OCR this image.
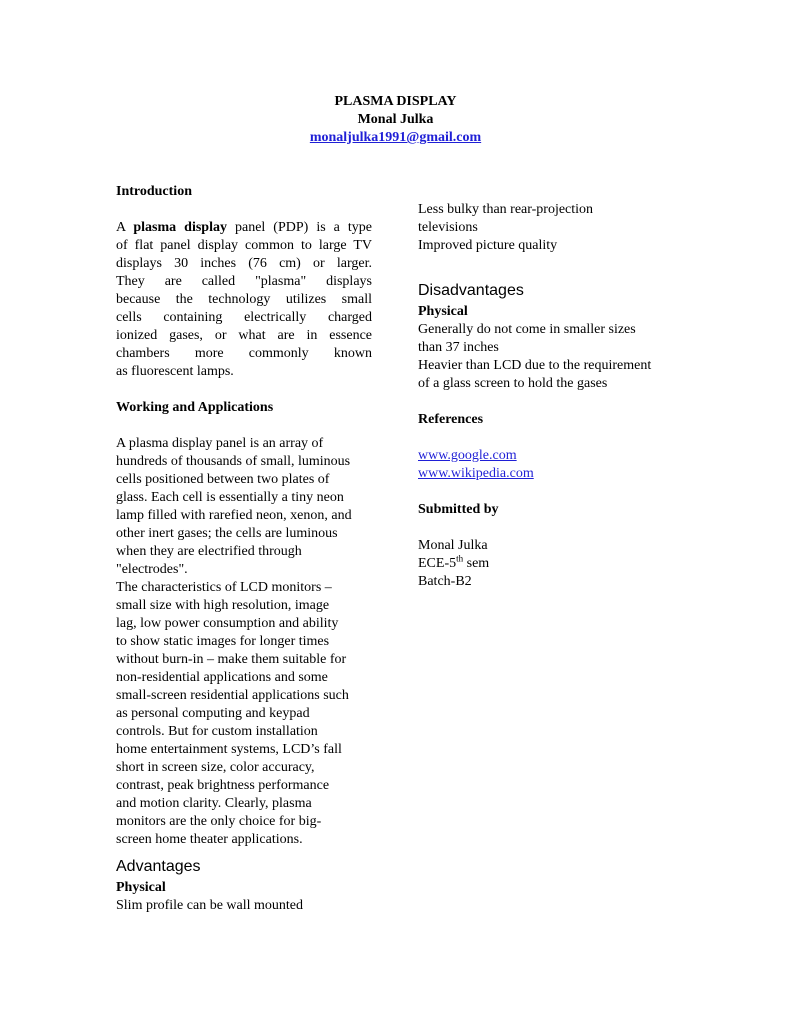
PLASMA DISPLAY
Monal Julka
monaljulka1991@gmail.com

Introduction

A plasma display panel (PDP) is a type

of flat panel display common to large TV

displays 30 inches (76 cm) or larger.

They are called "plasma" displays

because the technology utilizes small

cells containing electrically charged

ionized gases, or what are in essence

chambers more commonly known

as fluorescent lamps.

Working and Applications

A plasma display panel is an array of

hundreds of thousands of small, luminous

cells positioned between two plates of

glass. Each cell is essentially a tiny neon

lamp filled with rarefied neon, xenon, and

other inert gases; the cells are luminous

when they are electrified through

"electrodes".

The characteristics of LCD monitors –

small size with high resolution, image

lag, low power consumption and ability

to show static images for longer times

without burn-in – make them suitable for

non-residential applications and some

small-screen residential applications such

as personal computing and keypad

controls. But for custom installation

home entertainment systems, LCD’s fall

short in screen size, color accuracy,

contrast, peak brightness performance

and motion clarity. Clearly, plasma

monitors are the only choice for big-

screen home theater applications.

Advantages

Physical

Slim profile can be wall mounted

Less bulky than rear-projection

televisions

Improved picture quality

Disadvantages

Physical

Generally do not come in smaller sizes

than 37 inches

Heavier than LCD due to the requirement

of a glass screen to hold the gases

References

www.google.com

www.wikipedia.com

Submitted by

Monal Julka

ECE-5th sem

Batch-B2
